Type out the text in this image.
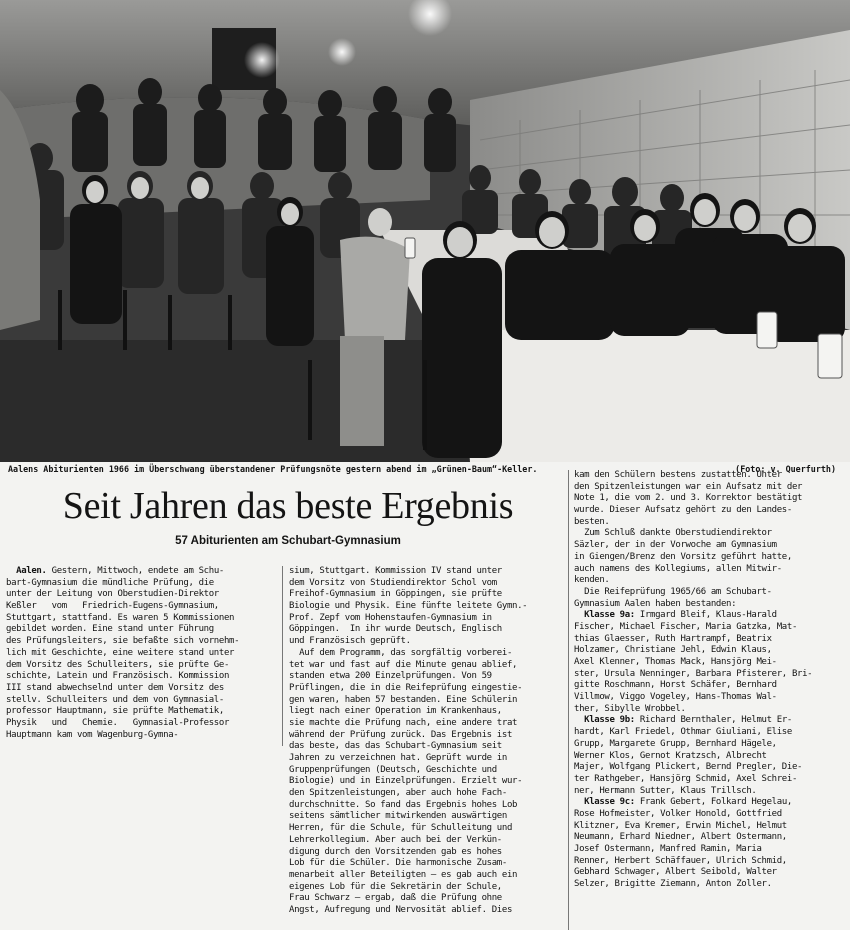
Aalens Abiturienten 1966 im Überschwang überstandener Prüfungsnöte gestern abend im „Grünen-Baum“-Keller.	(Foto: v. Querfurth)
Seit Jahren das beste Ergebnis
57 Abiturienten am Schubart-Gymnasium
Aalen. Gestern, Mittwoch, endete am Schu-
bart-Gymnasium die mündliche Prüfung, die
unter der Leitung von Oberstudien-Direktor
Keßler   vom   Friedrich-Eugens-Gymnasium,
Stuttgart, stattfand. Es waren 5 Kommissionen
gebildet worden. Eine stand unter Führung
des Prüfungsleiters, sie befaßte sich vornehm-
lich mit Geschichte, eine weitere stand unter
dem Vorsitz des Schulleiters, sie prüfte Ge-
schichte, Latein und Französisch. Kommission
III stand abwechselnd unter dem Vorsitz des
stellv. Schulleiters und dem von Gymnasial-
professor Hauptmann, sie prüfte Mathematik,
Physik   und   Chemie.   Gymnasial-Professor
Hauptmann kam vom Wagenburg-Gymna-
sium, Stuttgart. Kommission IV stand unter
dem Vorsitz von Studiendirektor Schol vom
Freihof-Gymnasium in Göppingen, sie prüfte
Biologie und Physik. Eine fünfte leitete Gymn.-
Prof. Zepf vom Hohenstaufen-Gymnasium in
Göppingen.  In ihr wurde Deutsch, Englisch
und Französisch geprüft.
Auf dem Programm, das sorgfältig vorberei-
tet war und fast auf die Minute genau ablief,
standen etwa 200 Einzelprüfungen. Von 59
Prüflingen, die in die Reifeprüfung eingestie-
gen waren, haben 57 bestanden. Eine Schülerin
liegt nach einer Operation im Krankenhaus,
sie machte die Prüfung nach, eine andere trat
während der Prüfung zurück. Das Ergebnis ist
das beste, das das Schubart-Gymnasium seit
Jahren zu verzeichnen hat. Geprüft wurde in
Gruppenprüfungen (Deutsch, Geschichte und
Biologie) und in Einzelprüfungen. Erzielt wur-
den Spitzenleistungen, aber auch hohe Fach-
durchschnitte. So fand das Ergebnis hohes Lob
seitens sämtlicher mitwirkenden auswärtigen
Herren, für die Schule, für Schulleitung und
Lehrerkollegium. Aber auch bei der Verkün-
digung durch den Vorsitzenden gab es hohes
Lob für die Schüler. Die harmonische Zusam-
menarbeit aller Beteiligten — es gab auch ein
eigenes Lob für die Sekretärin der Schule,
Frau Schwarz — ergab, daß die Prüfung ohne
Angst, Aufregung und Nervosität ablief. Dies
kam den Schülern bestens zustatten. Unter
den Spitzenleistungen war ein Aufsatz mit der
Note 1, die vom 2. und 3. Korrektor bestätigt
wurde. Dieser Aufsatz gehört zu den Landes-
besten.
Zum Schluß dankte Oberstudiendirektor
Säzler, der in der Vorwoche am Gymnasium
in Giengen/Brenz den Vorsitz geführt hatte,
auch namens des Kollegiums, allen Mitwir-
kenden.
Die Reifeprüfung 1965/66 am Schubart-
Gymnasium Aalen haben bestanden:
Klasse 9a: Irmgard Bleif, Klaus-Harald
Fischer, Michael Fischer, Maria Gatzka, Mat-
thias Glaesser, Ruth Hartrampf, Beatrix
Holzamer, Christiane Jehl, Edwin Klaus,
Axel Klenner, Thomas Mack, Hansjörg Mei-
ster, Ursula Nenninger, Barbara Pfisterer, Bri-
gitte Roschmann, Horst Schäfer, Bernhard
Villmow, Viggo Vogeley, Hans-Thomas Wal-
ther, Sibylle Wrobbel.
Klasse 9b: Richard Bernthaler, Helmut Er-
hardt, Karl Friedel, Othmar Giuliani, Elise
Grupp, Margarete Grupp, Bernhard Hägele,
Werner Klos, Gernot Kratzsch, Albrecht
Majer, Wolfgang Plickert, Bernd Pregler, Die-
ter Rathgeber, Hansjörg Schmid, Axel Schrei-
ner, Hermann Sutter, Klaus Trillsch.
Klasse 9c: Frank Gebert, Folkard Hegelau,
Rose Hofmeister, Volker Honold, Gottfried
Klitzner, Eva Kremer, Erwin Michel, Helmut
Neumann, Erhard Niedner, Albert Ostermann,
Josef Ostermann, Manfred Ramin, Maria
Renner, Herbert Schäffauer, Ulrich Schmid,
Gebhard Schwager, Albert Seibold, Walter
Selzer, Brigitte Ziemann, Anton Zoller.
